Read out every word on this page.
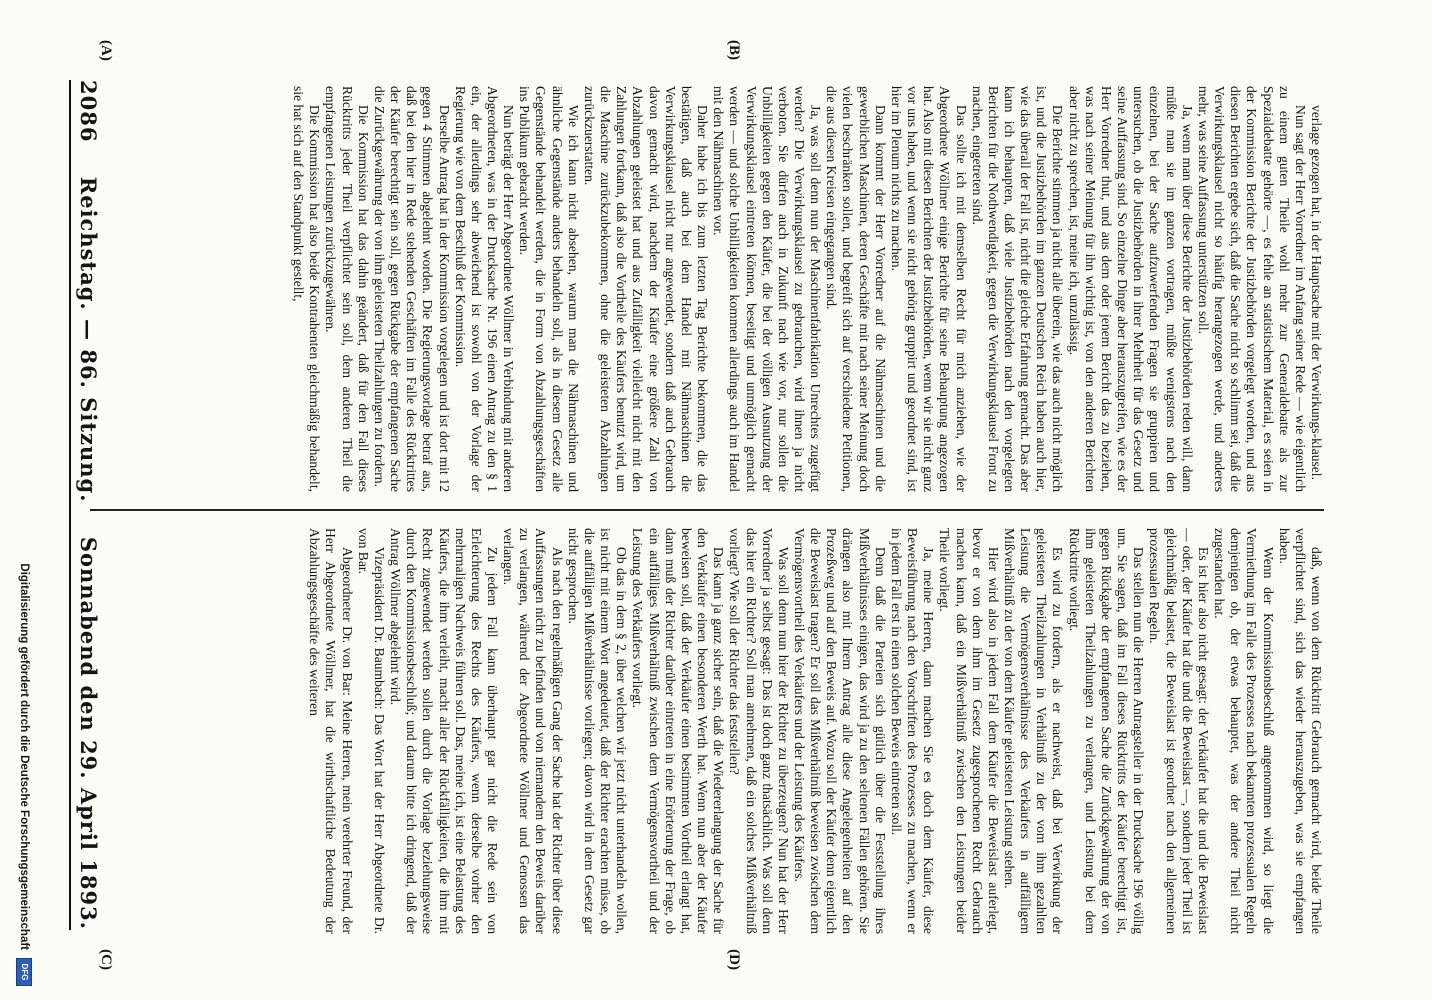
2086
Reichstag. — 86. Sitzung.
Sonnabend den 29. April 1893.
(A)	(B)
(C)	(D)

verlage gezogen hat, in der Hauptsache mit der Verwirkungs-klausel.

Nun sagt der Herr Vorredner im Anfang seiner Rede — wie eigentlich zu einem guten Theile wohl mehr zur Generaldebatte als zur Spezialdebatte gehörte —, es fehle an statistischem Material, es seien in der Kommission Berichte der Justizbehörden vorgelegt worden, und aus diesen Berichten ergebe sich, daß die Sache nicht so schlimm sei, daß die Verwirkungsklausel nicht so häufig herangezogen werde, und anderes mehr, was seine Auffassung unterstützen soll.

Ja, wenn man über diese Berichte der Justizbehörden reden will, dann müßte man sie im ganzen vortragen, müßte wenigstens nach den einzelnen, bei der Sache aufzuwerfenden Fragen sie gruppiren und untersuchen, ob die Justizbehörden in ihrer Mehrheit für das Gesetz und seine Auffassung sind. So einzelne Dinge aber herauszugreifen, wie es der Herr Vorredner thut, und aus dem oder jenem Bericht das zu beziehen, was nach seiner Meinung für ihn wichtig ist, von den anderen Berichten aber nicht zu sprechen, ist, meine ich, unzulässig.

Die Berichte stimmen ja nicht alle überein, wie das auch nicht möglich ist, und die Justizbehörden im ganzen Deutschen Reich haben auch hier, wie das überall der Fall ist, nicht die gleiche Erfahrung gemacht. Das aber kann ich behaupten, daß viele Justizbehörden nach den vorgelegten Berichten für die Nothwendigkeit, gegen die Verwirkungsklausel Front zu machen, eingetreten sind.

Das sollte ich mit demselben Recht für mich anziehen, wie der Abgeordnete Wöllmer einige Berichte für seine Behauptung angezogen hat. Also mit diesen Berichten der Justizbehörden, wenn wir sie nicht ganz vor uns haben, und wenn sie nicht gehörig gruppirt und geordnet sind, ist hier im Plenum nichts zu machen.

Dann kommt der Herr Vorredner auf die Nähmaschinen und die gewerblichen Maschinen, deren Geschäfte mit nach seiner Meinung doch vielen beschränken sollen, und begreift sich auf verschiedene Petitionen, die aus diesen Kreisen eingegangen sind.

Ja, was soll denn nun der Maschinenfabrikation Unrechtes zugefügt werden? Die Verwirkungsklausel zu gebrauchen, wird ihnen ja nicht verboten. Sie dürfen auch in Zukunft nach wie vor, nur sollen die Unbilligkeiten gegen den Käufer, die bei der völligen Ausnutzung der Verwirkungsklausel eintreten können, beseitigt und unmöglich gemacht werden — und solche Unbilligkeiten kommen allerdings auch im Handel mit den Nähmaschinen vor.

Daher habe ich bis zum letzten Tag Berichte bekommen, die das bestätigen, daß auch bei dem Handel mit Nähmaschinen die Verwirkungsklausel nicht nur angewendet, sondern daß auch Gebrauch davon gemacht wird, nachdem der Käufer eine größere Zahl von Abzahlungen geleistet hat und aus Zufälligkeit vielleicht nicht mit den Zahlungen fortkann, daß also die Vortheile des Käufers benutzt wird, um die Maschine zurückzubekommen, ohne die geleisteten Abzahlungen zurückzuerstatten.

Wie ich kann nicht absehen, warum man die Nähmaschinen und ähnliche Gegenstände anders behandeln soll, als in diesem Gesetz alle Gegenstände behandelt werden, die in Form von Abzahlungsgeschäften ins Publikum gebracht werden.

Nun beträgt der Herr Abgeordnete Wöllmer in Verbindung mit anderen Abgeordneten, was in der Drucksache Nr. 196 einen Antrag zu den § 1 ein, der allerdings sehr abweichend ist sowohl von der Vorlage der Regierung wie von dem Beschluß der Kommission.

Derselbe Antrag hat in der Kommission vorgelegen und ist dort mit 12 gegen 4 Stimmen abgelehnt worden. Die Regierungsvorlage betraf aus, daß bei den hier in Rede stehenden Geschäften im Falle des Rücktrittes der Käufer berechtigt sein soll, gegen Rückgabe der empfangenen Sache die Zurückgewährung der von ihm geleisteten Theilzahlungen zu fordern.

Die Kommission hat das dahin geändert, daß für den Fall dieses Rücktritts jeder Theil verpflichtet sein soll, dem anderen Theil die empfangenen Leistungen zurückzugewähren.

Die Kommission hat also beide Kontrahenten gleichmäßig behandelt, sie hat sich auf den Standpunkt gestellt,

daß, wenn von dem Rücktritt Gebrauch gemacht wird, beide Theile verpflichtet sind, sich das wieder herauszugeben, was sie empfangen haben.

Wenn der Kommissionsbeschluß angenommen wird, so liegt die Vermiethung im Falle des Prozesses nach bekannten prozessualen Regeln demjenigen ob, der etwas behauptet, was der andere Theil nicht zugestanden hat.

Es ist hier also nicht gesagt: der Verkäufer hat die und die Beweislast — oder, der Käufer hat die und die Beweislast —, sondern jeder Theil ist gleichmäßig belastet, die Beweislast ist geordnet nach den allgemeinen prozessualen Regeln.

Das stellen nun die Herren Antragsteller in der Drucksache 196 völlig um. Sie sagen, daß im Fall dieses Rücktritts der Käufer berechtigt ist, gegen Rückgabe der empfangenen Sache die Zurückgewährung der von ihm geleisteten Theilzahlungen zu verlangen, und Leistung bei dem Rücktritte vorliegt.

Es wird zu fordern, als er nachweist, daß bei Verwirkung der geleisteten Theilzahlungen in Verhältniß zu der vom ihm gezahlten Leistung die Vermögensverhältnisse des Verkäufers in auffälligem Mißverhältniß zu der von dem Käufer geleisteten Leistung stehen.

Hier wird also in jedem Fall dem Käufer die Beweislast auferlegt, bevor er von dem ihm im Gesetz zugesprochenen Recht Gebrauch machen kann, daß ein Mißverhältniß zwischen den Leistungen beider Theile vorliegt.

Ja, meine Herren, dann machen Sie es doch dem Käufer, diese Beweisführung nach den Vorschriften des Prozesses zu machen, wenn er in jedem Fall erst in einen solchen Beweis eintreten soll.

Denn daß die Parteien sich gütlich über die Feststellung ihres Mißverhältnisses einigen, das wird ja zu den seltenen Fällen gehören. Sie drängen also mit Ihrem Antrag alle diese Angelegenheiten auf den Prozeßweg und auf den Beweis auf. Wozu soll der Käufer denn eigentlich die Beweislast tragen? Er soll das Mißverhältniß beweisen zwischen dem Vermögensvortheil des Verkäufers und der Leistung des Käufers.

Was soll denn nun hier der Richter zu überzeugen? Nun hat der Herr Vorredner ja selbst gesagt: Das ist doch ganz thatsächlich. Was soll denn das hier ein Richter? Soll man annehmen, daß ein solches Mißverhältniß vorliegt? Wie soll der Richter das feststellen?

Das kann ja ganz sicher sein, daß die Wiedererlangung der Sache für den Verkäufer einen besonderen Werth hat. Wenn nun aber der Käufer beweisen soll, daß der Verkäufer einen bestimmten Vortheil erlangt hat, dann muß der Richter darüber eintreten in eine Erörterung der Frage, ob ein auffälliges Mißverhältniß zwischen dem Vermögensvortheil und der Leistung des Verkäufers vorliegt.

Ob das in dem § 2, über welchen wir jetzt nicht unterhandeln wollen, ist nicht mit einem Wort angedeutet, daß der Richter erachten müsse, ob die auffälligen Mißverhältnisse vorliegen; davon wird in dem Gesetz gar nicht gesprochen.

Als nach den regelmäßigen Gang der Sache hat der Richter über diese Auffassungen nicht zu befinden und von niemandem den Beweis darüber zu verlangen, während der Abgeordnete Wöllmer und Genossen das verlangen.

Zu jedem Fall kann überhaupt gar nicht die Rede sein von Erleichterung des Rechts des Käufers, wenn derselbe vorher den mehrmaligen Nachweis führen soll. Das, meine ich, ist eine Belastung des Käufers, die ihm verleiht, macht aller der Rückfälligkeiten, die ihm mit Recht zugewendet werden sollen durch die Vorlage beziehungsweise durch den Kommissionsbeschluß; und darum bitte ich dringend, daß der Antrag Wöllmer abgelehnt wird.

Vizepräsident Dr. Baumbach: Das Wort hat der Herr Abgeordnete Dr. von Bar.

Abgeordneter Dr. von Bar: Meine Herren, mein verehrter Freund, der Herr Abgeordnete Wöllmer, hat die wirthschaftliche Bedeutung der Abzahlungsgeschäfte des weiteren

Digitalisierung gefördert durch die Deutsche Forschungsgemeinschaft
DFG
